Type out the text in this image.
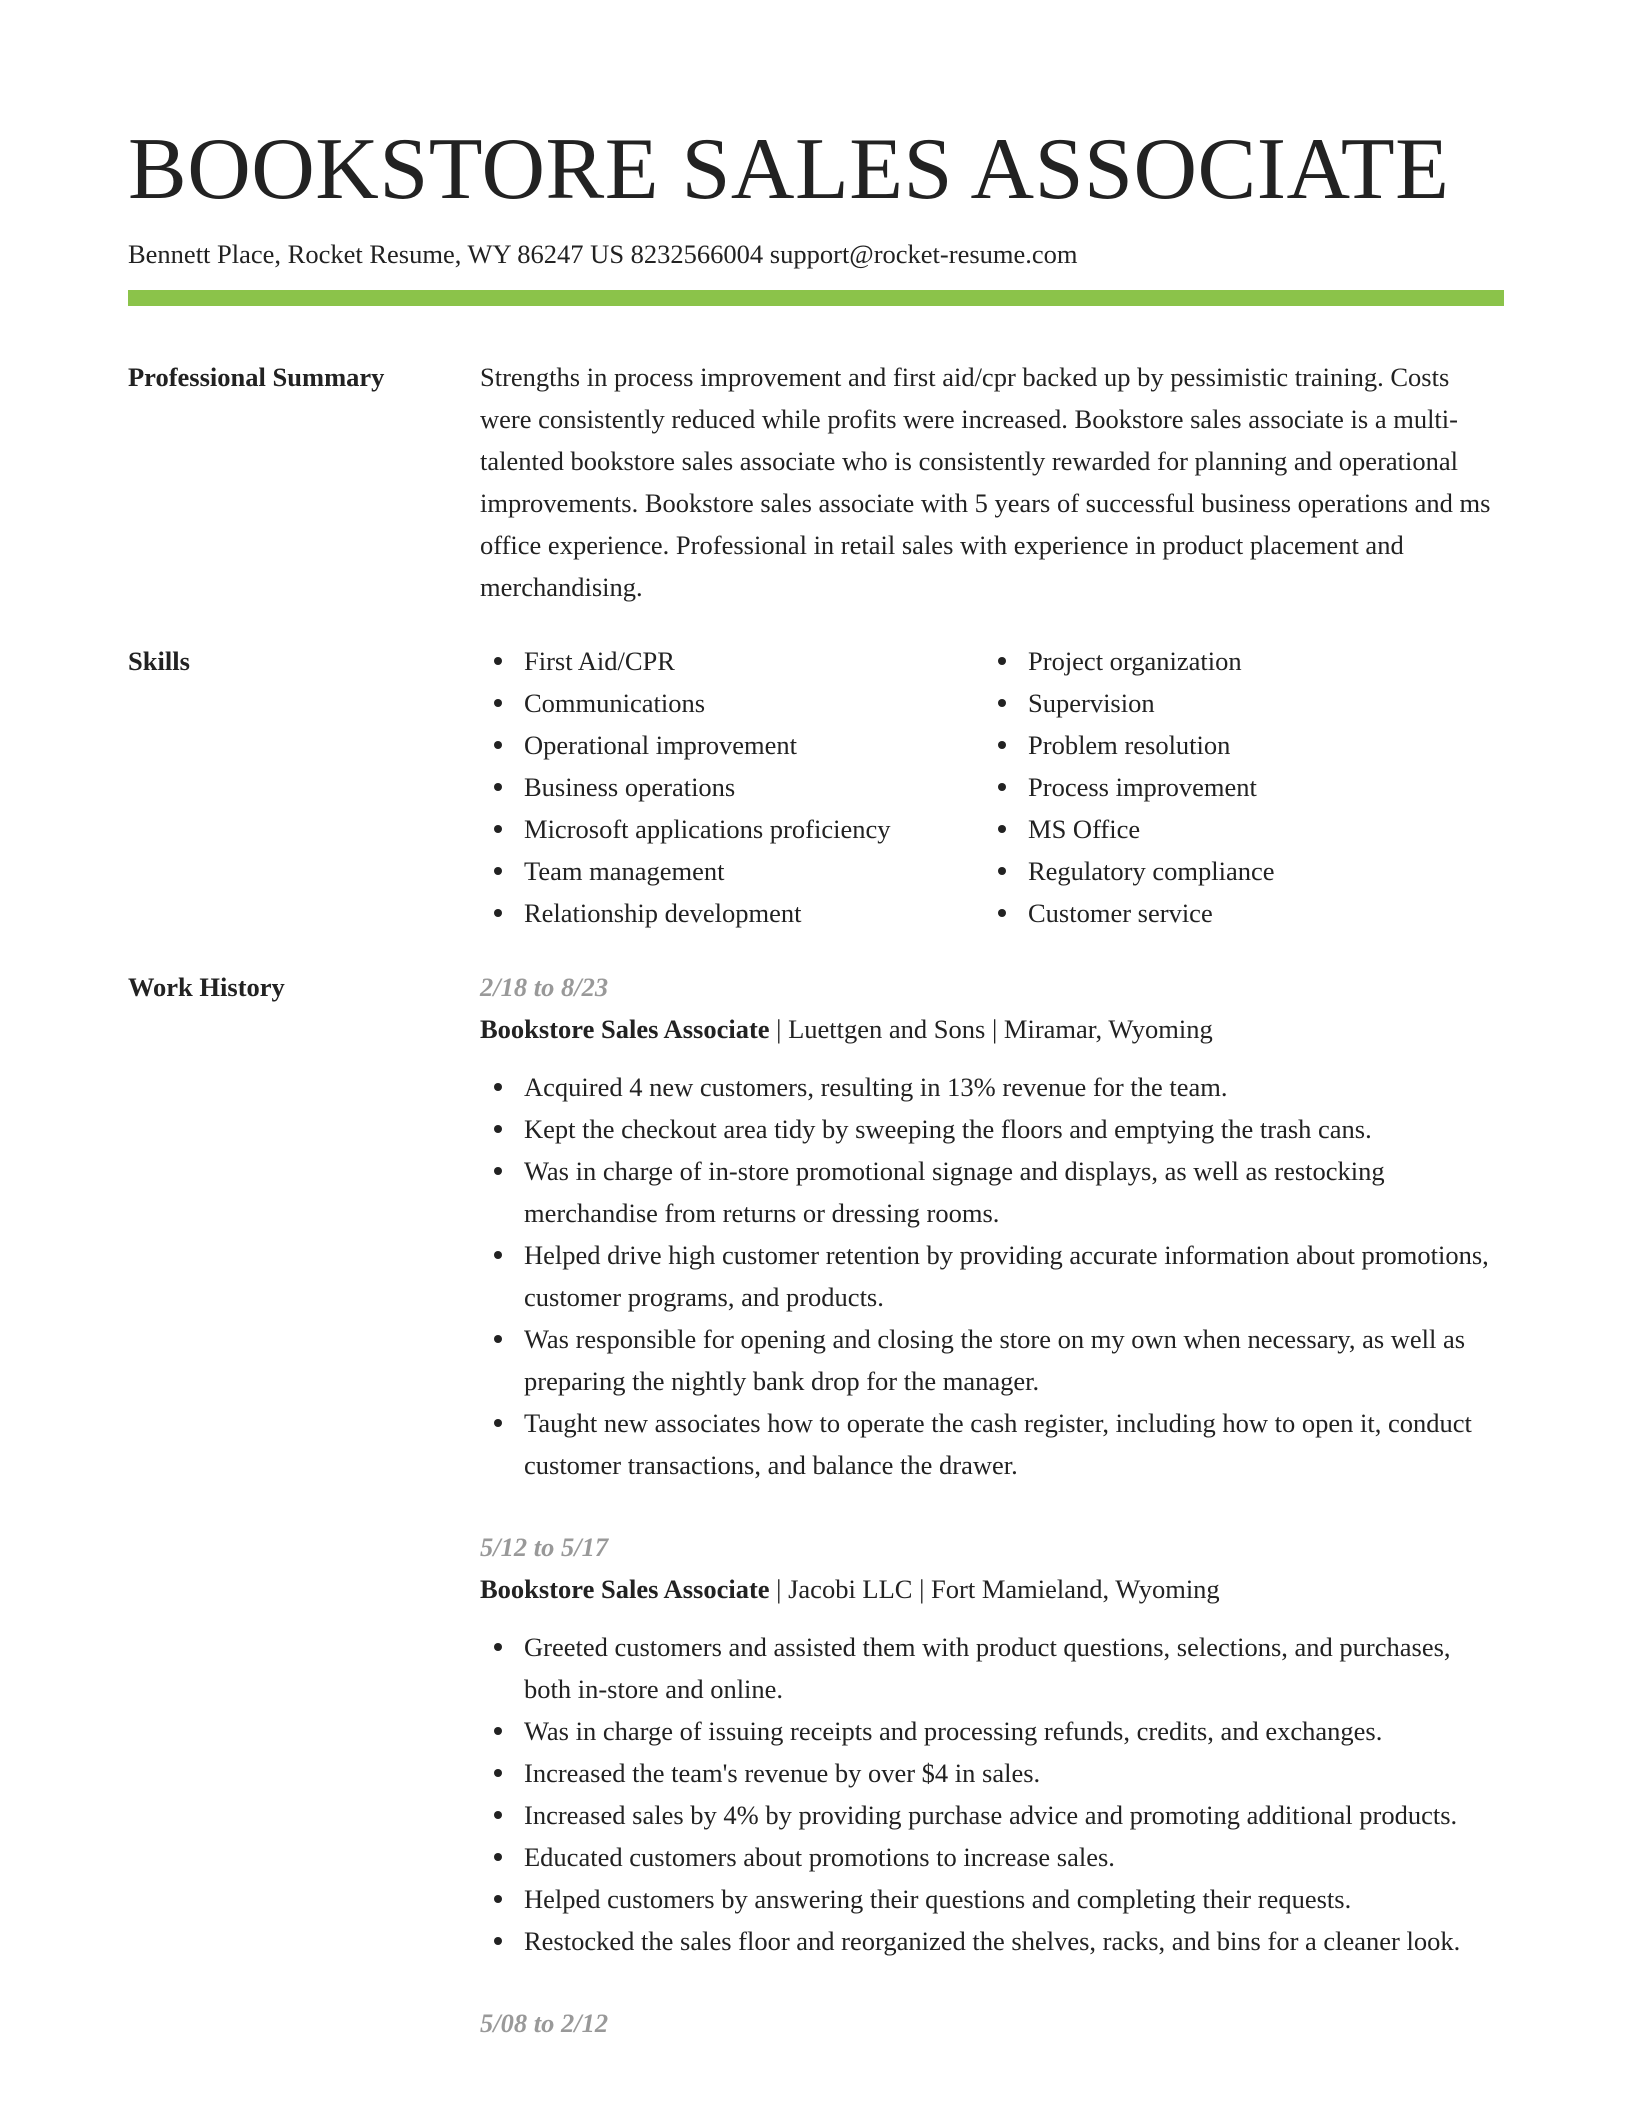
BOOKSTORE SALES ASSOCIATE
Bennett Place, Rocket Resume, WY 86247 US 8232566004 support@rocket-resume.com
Professional Summary	Strengths in process improvement and first aid/cpr backed up by pessimistic training. Costs were consistently reduced while profits were increased. Bookstore sales associate is a multi-talented bookstore sales associate who is consistently rewarded for planning and operational improvements. Bookstore sales associate with 5 years of successful business operations and ms office experience. Professional in retail sales with experience in product placement and merchandising.

Skills	First Aid/CPR
Communications
Operational improvement
Business operations
Microsoft applications proficiency
Team management
Relationship development
Project organization
Supervision
Problem resolution
Process improvement
MS Office
Regulatory compliance
Customer service
Work History	2/18 to 8/23
Bookstore Sales Associate | Luettgen and Sons | Miramar, Wyoming
Acquired 4 new customers, resulting in 13% revenue for the team.
Kept the checkout area tidy by sweeping the floors and emptying the trash cans.
Was in charge of in-store promotional signage and displays, as well as restocking merchandise from returns or dressing rooms.
Helped drive high customer retention by providing accurate information about promotions, customer programs, and products.
Was responsible for opening and closing the store on my own when necessary, as well as preparing the nightly bank drop for the manager.
Taught new associates how to operate the cash register, including how to open it, conduct customer transactions, and balance the drawer.
5/12 to 5/17
Bookstore Sales Associate | Jacobi LLC | Fort Mamieland, Wyoming
Greeted customers and assisted them with product questions, selections, and purchases, both in-store and online.
Was in charge of issuing receipts and processing refunds, credits, and exchanges.
Increased the team's revenue by over $4 in sales.
Increased sales by 4% by providing purchase advice and promoting additional products.
Educated customers about promotions to increase sales.
Helped customers by answering their questions and completing their requests.
Restocked the sales floor and reorganized the shelves, racks, and bins for a cleaner look.
5/08 to 2/12
